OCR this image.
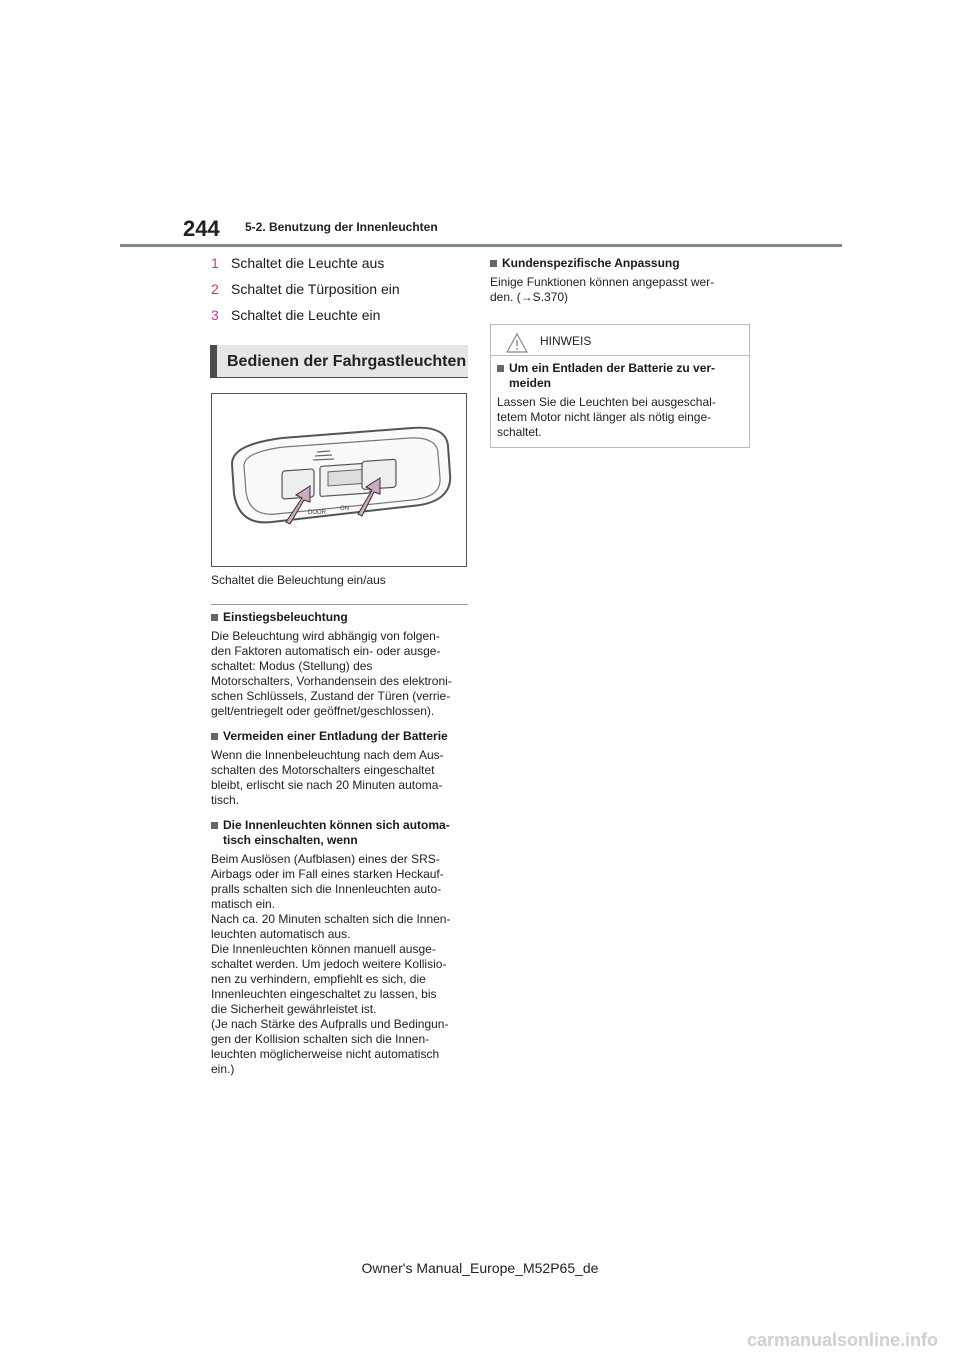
244 5-2. Benutzung der Innenleuchten
1 Schaltet die Leuchte aus
2 Schaltet die Türposition ein
3 Schaltet die Leuchte ein
Bedienen der Fahrgastleuchten
DOOR
ON
Schaltet die Beleuchtung ein/aus
Einstiegsbeleuchtung
Die Beleuchtung wird abhängig von folgen-
den Faktoren automatisch ein- oder ausge-
schaltet: Modus (Stellung) des
Motorschalters, Vorhandensein des elektroni-
schen Schlüssels, Zustand der Türen (verrie-
gelt/entriegelt oder geöffnet/geschlossen).
Vermeiden einer Entladung der Batterie
Wenn die Innenbeleuchtung nach dem Aus-
schalten des Motorschalters eingeschaltet
bleibt, erlischt sie nach 20 Minuten automa-
tisch.
Die Innenleuchten können sich automa-
tisch einschalten, wenn
Beim Auslösen (Aufblasen) eines der SRS-
Airbags oder im Fall eines starken Heckauf-
pralls schalten sich die Innenleuchten auto-
matisch ein.
Nach ca. 20 Minuten schalten sich die Innen-
leuchten automatisch aus.
Die Innenleuchten können manuell ausge-
schaltet werden. Um jedoch weitere Kollisio-
nen zu verhindern, empfiehlt es sich, die
Innenleuchten eingeschaltet zu lassen, bis
die Sicherheit gewährleistet ist.
(Je nach Stärke des Aufpralls und Bedingun-
gen der Kollision schalten sich die Innen-
leuchten möglicherweise nicht automatisch
ein.)
Kundenspezifische Anpassung
Einige Funktionen können angepasst wer-
den. (→S.370)
HINWEIS
Um ein Entladen der Batterie zu ver-
meiden
Lassen Sie die Leuchten bei ausgeschal-
tetem Motor nicht länger als nötig einge-
schaltet.
Owner's Manual_Europe_M52P65_de
carmanualsonline.info
